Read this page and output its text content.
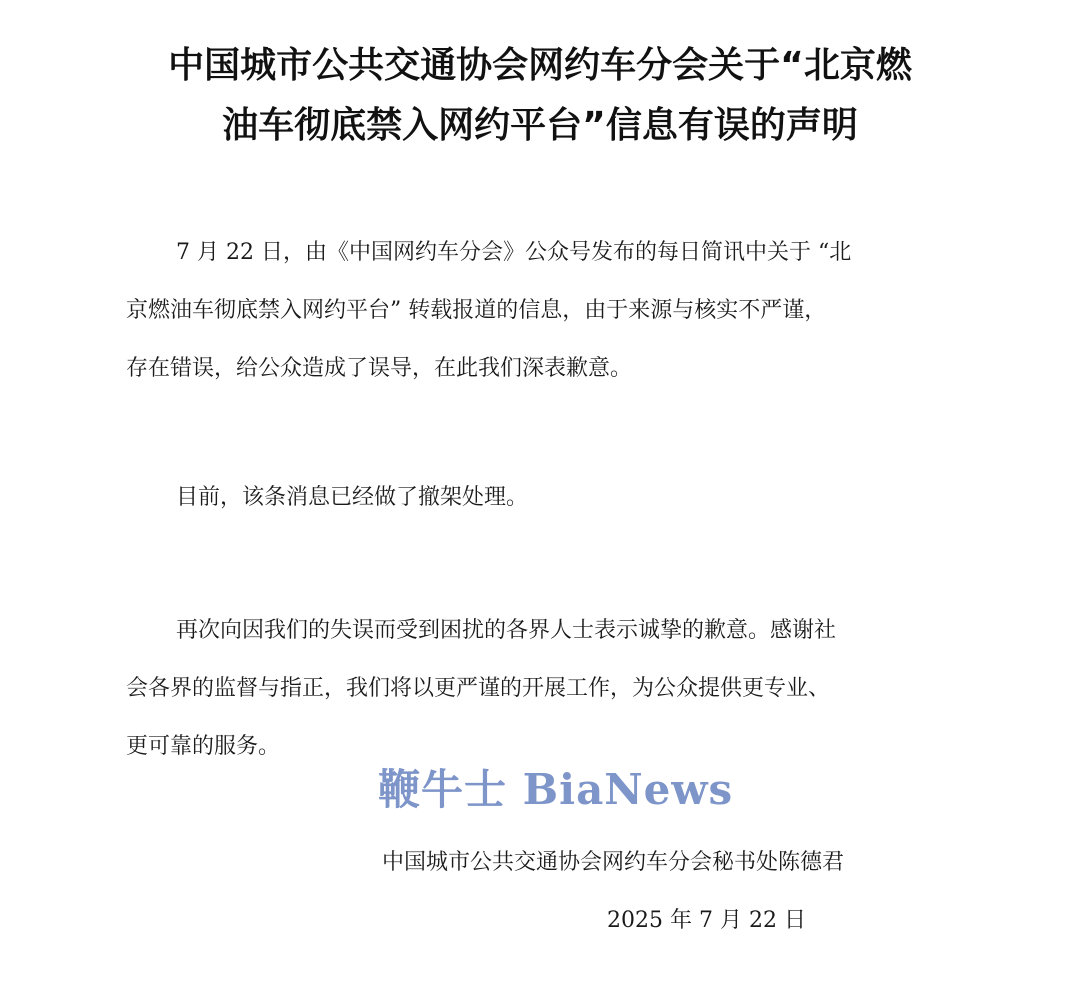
中国城市公共交通协会网约车分会关于“北京燃
油车彻底禁入网约平台”信息有误的声明
7 月 22 日，由《中国网约车分会》公众号发布的每日简讯中关于 “北
京燃油车彻底禁入网约平台” 转载报道的信息，由于来源与核实不严谨，
存在错误，给公众造成了误导，在此我们深表歉意。
目前，该条消息已经做了撤架处理。
再次向因我们的失误而受到困扰的各界人士表示诚挚的歉意。感谢社
会各界的监督与指正，我们将以更严谨的开展工作，为公众提供更专业、
更可靠的服务。
鞭牛士 BiaNews
中国城市公共交通协会网约车分会秘书处陈德君
2025 年 7 月 22 日
